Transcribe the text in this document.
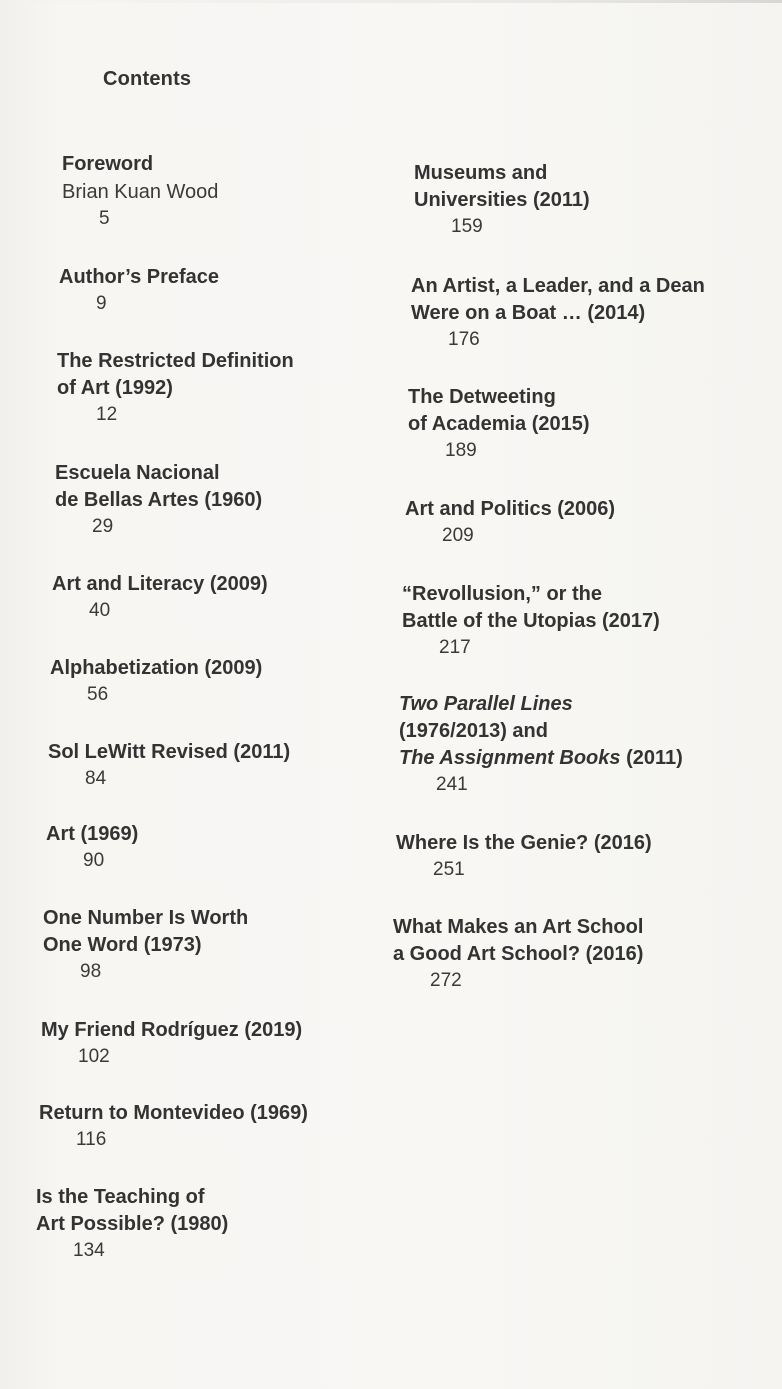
Contents
Foreword
Brian Kuan Wood
5
Author’s Preface
9
The Restricted Definition
of Art (1992)
12
Escuela Nacional
de Bellas Artes (1960)
29
Art and Literacy (2009)
40
Alphabetization (2009)
56
Sol LeWitt Revised (2011)
84
Art (1969)
90
One Number Is Worth
One Word (1973)
98
My Friend Rodríguez (2019)
102
Return to Montevideo (1969)
116
Is the Teaching of
Art Possible? (1980)
134
Museums and
Universities (2011)
159
An Artist, a Leader, and a Dean
Were on a Boat … (2014)
176
The Detweeting
of Academia (2015)
189
Art and Politics (2006)
209
“Revollusion,” or the
Battle of the Utopias (2017)
217
Two Parallel Lines
(1976/2013) and
The Assignment Books (2011)
241
Where Is the Genie? (2016)
251
What Makes an Art School
a Good Art School? (2016)
272
